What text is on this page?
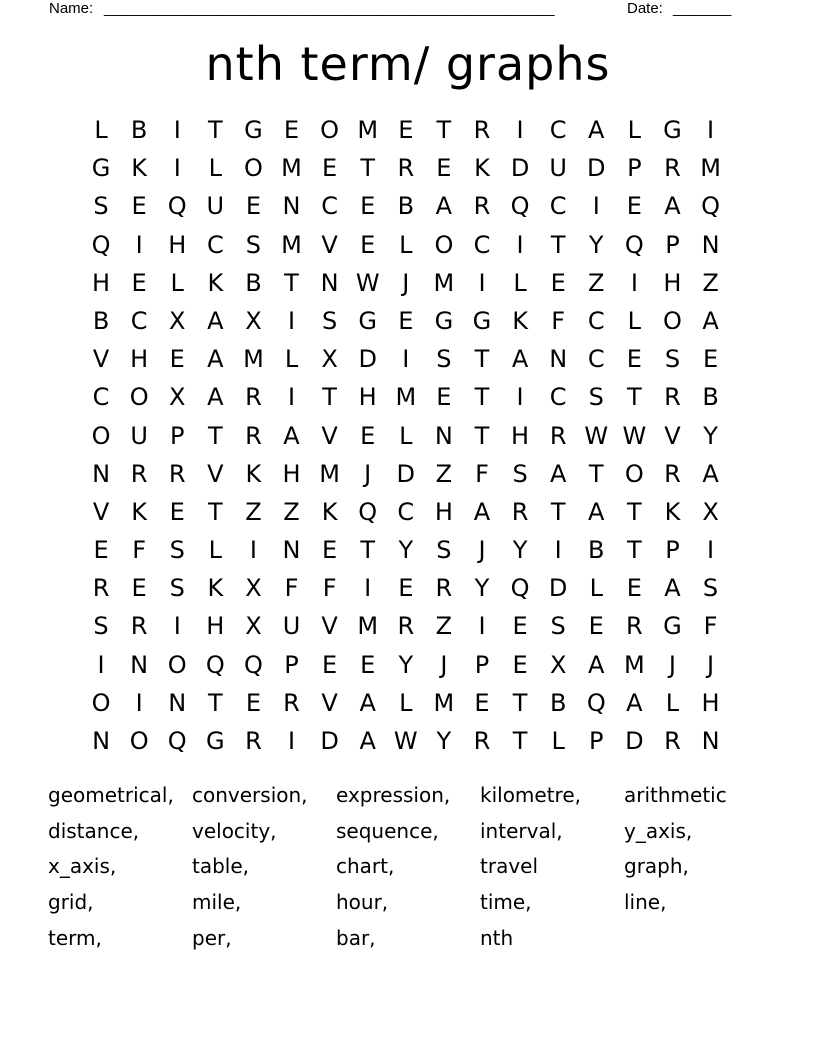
Name: ______________________________________________________	Date: _______
nth term/ graphs
L B	I	T G E O M E T R	I	C A L G	I
G K	I	L O M E T R E K D U D P R M
S E Q U E N C E B A R Q C	I	E A Q
Q	I	H C S M V E L O C	I	T Y Q P N
H E L K B T N W J	M	I	L E Z	I	H Z
B C X A X	I	S G E G G K F C L O A
V H E A M L X D	I	S T A N C E S E
C O X A R	I	T H M E T	I	C S T R B
O U P T R A V E L N T H R W W V Y
N R R V K H M	J	D Z F S A T O R A
V K E T Z Z K Q C H A R T A T K X
E F S L	I	N E T Y S	J	Y	I	B T P	I
R E S K X F	F	I	E R Y Q D L E A S
S R	I	H X U V M R Z	I	E S E R G F
I	N O Q Q P E E Y	J	P E X A M	J	J
O	I	N T E R V A L M E T B Q A L H
N O Q G R	I	D A W Y R T	L	P D R N
geometrical, conversion,	expression,	kilometre,	arithmetic
distance,	velocity,	sequence,	interval,	y_axis,
x_axis,	table,	chart,	travel	graph,
grid,	mile,	hour,	time,	line,
term,	per,	bar,	nth
